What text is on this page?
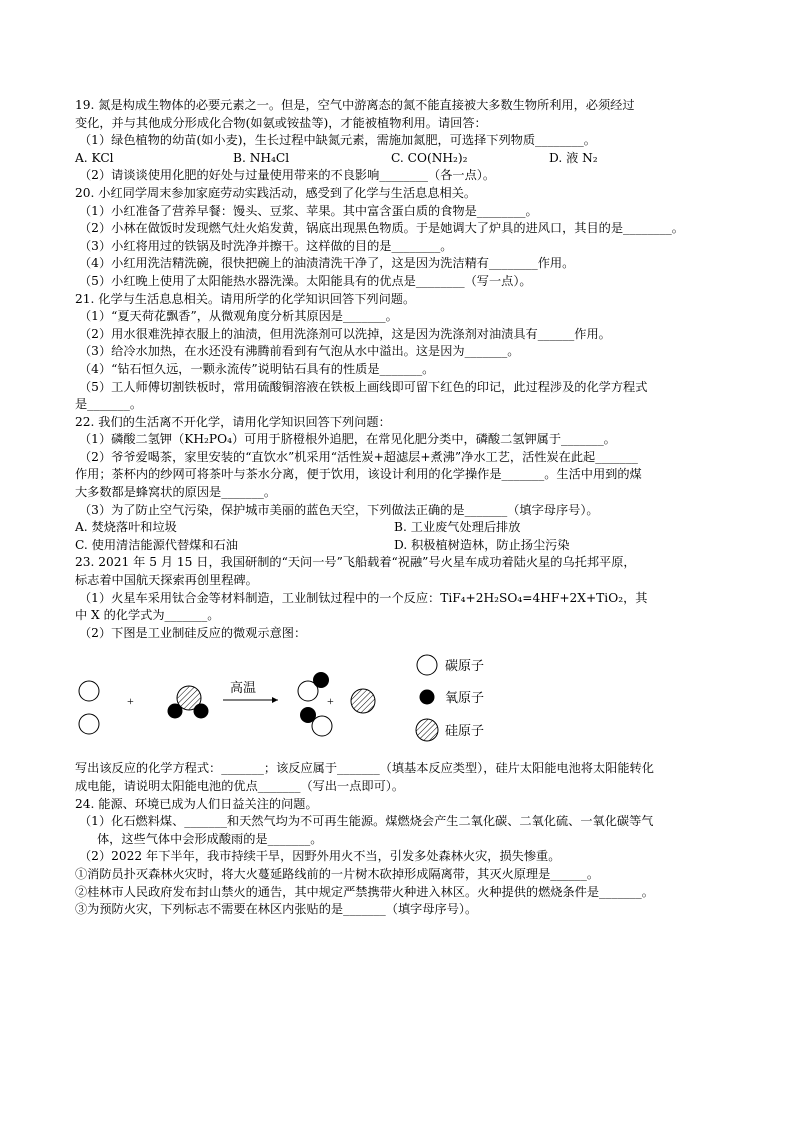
19. 氮是构成生物体的必要元素之一。但是，空气中游离态的氮不能直接被大多数生物所利用，必须经过
变化，并与其他成分形成化合物(如氨或铵盐等)，才能被植物利用。请回答：
（1）绿色植物的幼苗(如小麦)，生长过程中缺氮元素，需施加氮肥，可选择下列物质________。
A. KCl	B. NH₄Cl	C. CO(NH₂)₂	D. 液 N₂
（2）请谈谈使用化肥的好处与过量使用带来的不良影响________（各一点）。
20. 小红同学周末参加家庭劳动实践活动，感受到了化学与生活息息相关。
（1）小红准备了营养早餐：馒头、豆浆、苹果。其中富含蛋白质的食物是________。
（2）小林在做饭时发现燃气灶火焰发黄，锅底出现黑色物质。于是她调大了炉具的进风口，其目的是________。
（3）小红将用过的铁锅及时洗净并擦干。这样做的目的是________。
（4）小红用洗洁精洗碗，很快把碗上的油渍清洗干净了，这是因为洗洁精有________作用。
（5）小红晚上使用了太阳能热水器洗澡。太阳能具有的优点是________（写一点）。
21. 化学与生活息息相关。请用所学的化学知识回答下列问题。
（1）“夏天荷花飘香”，从微观角度分析其原因是_______。
（2）用水很难洗掉衣服上的油渍，但用洗涤剂可以洗掉，这是因为洗涤剂对油渍具有______作用。
（3）给冷水加热，在水还没有沸腾前看到有气泡从水中溢出。这是因为_______。
（4）“钻石恒久远，一颗永流传”说明钻石具有的性质是_______。
（5）工人师傅切割铁板时，常用硫酸铜溶液在铁板上画线即可留下红色的印记，此过程涉及的化学方程式
是_______。
22. 我们的生活离不开化学，请用化学知识回答下列问题：
（1）磷酸二氢钾（KH₂PO₄）可用于脐橙根外追肥，在常见化肥分类中，磷酸二氢钾属于_______。
（2）爷爷爱喝茶，家里安装的“直饮水”机采用“活性炭+超滤层+煮沸”净水工艺，活性炭在此起_______
作用；茶杯内的纱网可将茶叶与茶水分离，便于饮用，该设计利用的化学操作是_______。生活中用到的煤
大多数都是蜂窝状的原因是_______。
（3）为了防止空气污染，保护城市美丽的蓝色天空，下列做法正确的是_______（填字母序号）。
A. 焚烧落叶和垃圾	B. 工业废气处理后排放
C. 使用清洁能源代替煤和石油	D. 积极植树造林，防止扬尘污染
23. 2021 年 5 月 15 日，我国研制的“天问一号”飞船载着“祝融”号火星车成功着陆火星的乌托邦平原，
标志着中国航天探索再创里程碑。
（1）火星车采用钛合金等材料制造，工业制钛过程中的一个反应：TiF₄+2H₂SO₄=4HF+2X+TiO₂，其
中 X 的化学式为_______。
（2）下图是工业制硅反应的微观示意图：
+
高温
+
碳原子
氧原子
硅原子
写出该反应的化学方程式：_______；该反应属于_______（填基本反应类型），硅片太阳能电池将太阳能转化
成电能，请说明太阳能电池的优点_______（写出一点即可）。
24. 能源、环境已成为人们日益关注的问题。
（1）化石燃料煤、_______和天然气均为不可再生能源。煤燃烧会产生二氧化碳、二氧化硫、一氧化碳等气
体，这些气体中会形成酸雨的是_______。
（2）2022 年下半年，我市持续干旱，因野外用火不当，引发多处森林火灾，损失惨重。
①消防员扑灭森林火灾时，将大火蔓延路线前的一片树木砍掉形成隔离带，其灭火原理是______。
②桂林市人民政府发布封山禁火的通告，其中规定严禁携带火种进入林区。火种提供的燃烧条件是_______。
③为预防火灾，下列标志不需要在林区内张贴的是_______（填字母序号）。
